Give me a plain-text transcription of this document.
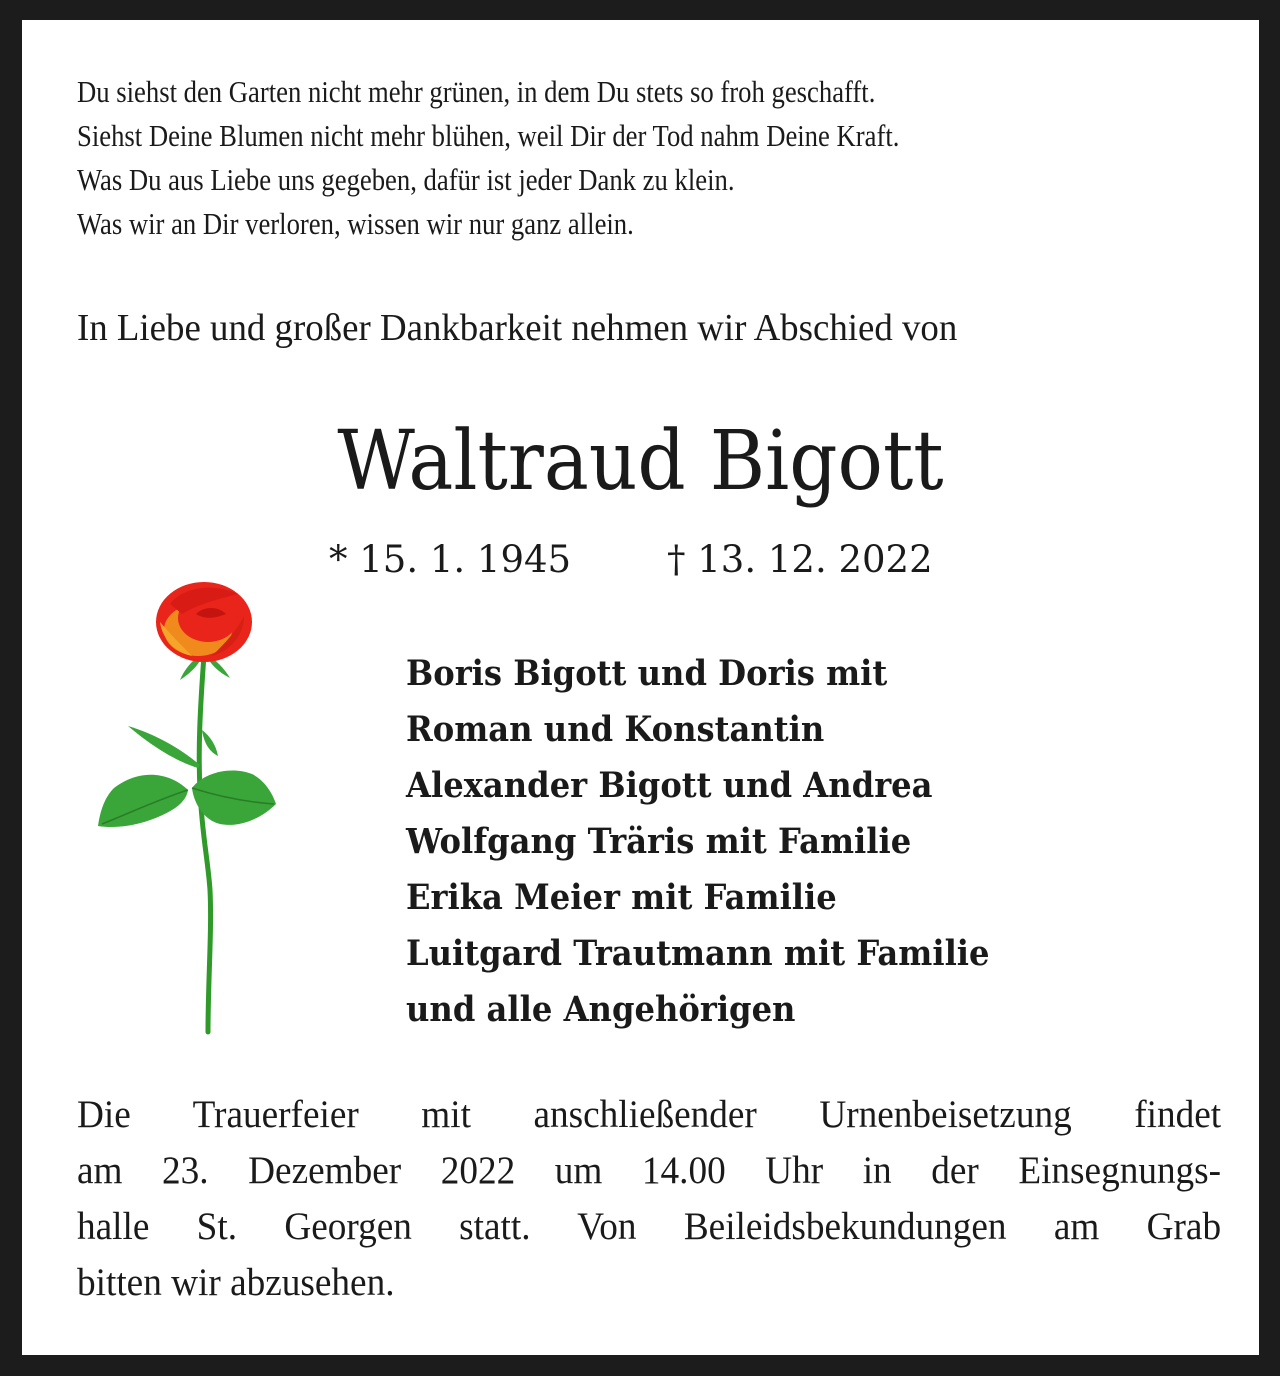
Du siehst den Garten nicht mehr grünen, in dem Du stets so froh geschafft.
Siehst Deine Blumen nicht mehr blühen, weil Dir der Tod nahm Deine Kraft.
Was Du aus Liebe uns gegeben, dafür ist jeder Dank zu klein.
Was wir an Dir verloren, wissen wir nur ganz allein.
In Liebe und großer Dankbarkeit nehmen wir Abschied von
Waltraud Bigott
* 15. 1. 1945	† 13. 12. 2022
Boris Bigott und Doris mit
Roman und Konstantin
Alexander Bigott und Andrea
Wolfgang Träris mit Familie
Erika Meier mit Familie
Luitgard Trautmann mit Familie
und alle Angehörigen
Die Trauerfeier mit anschließender Urnenbeisetzung findet
am 23. Dezember 2022 um 14.00 Uhr in der Einsegnungs-
halle St. Georgen statt. Von Beileidsbekundungen am Grab
bitten wir abzusehen.
